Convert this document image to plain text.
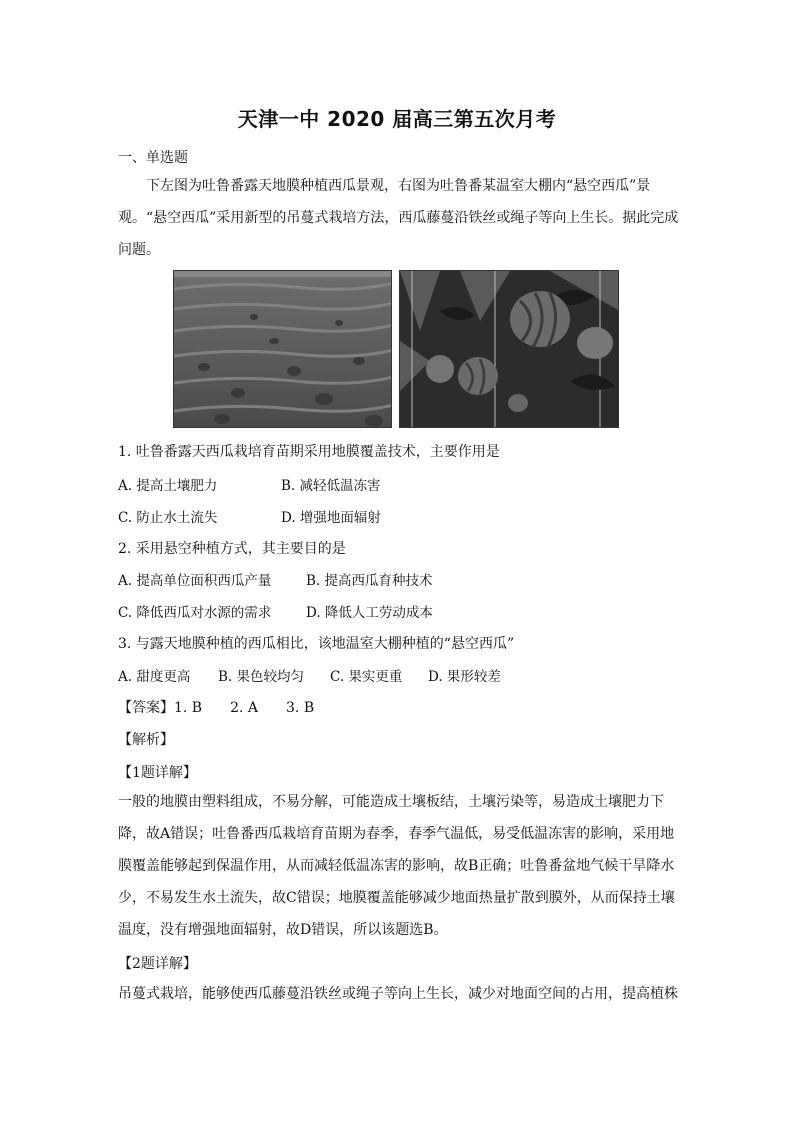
天津一中 2020 届高三第五次月考
一、单选题
下左图为吐鲁番露天地膜种植西瓜景观，右图为吐鲁番某温室大棚内“悬空西瓜”景观。“悬空西瓜”采用新型的吊蔓式栽培方法，西瓜藤蔓沿铁丝或绳子等向上生长。据此完成问题。
1. 吐鲁番露天西瓜栽培育苗期采用地膜覆盖技术，主要作用是
A. 提高土壤肥力	B. 减轻低温冻害
C. 防止水土流失	D. 增强地面辐射
2. 采用悬空种植方式，其主要目的是
A. 提高单位面积西瓜产量	B. 提高西瓜育种技术
C. 降低西瓜对水源的需求	D. 降低人工劳动成本
3. 与露天地膜种植的西瓜相比，该地温室大棚种植的“悬空西瓜”
A. 甜度更高 B. 果色较均匀 C. 果实更重 D. 果形较差
【答案】1. B　　2. A　　3. B
【解析】
【1题详解】
一般的地膜由塑料组成，不易分解，可能造成土壤板结，土壤污染等，易造成土壤肥力下降，故A错误；吐鲁番西瓜栽培育苗期为春季，春季气温低，易受低温冻害的影响，采用地膜覆盖能够起到保温作用，从而减轻低温冻害的影响，故B正确；吐鲁番盆地气候干旱降水少，不易发生水土流失，故C错误；地膜覆盖能够减少地面热量扩散到膜外，从而保持土壤温度，没有增强地面辐射，故D错误，所以该题选B。
【2题详解】
吊蔓式栽培，能够使西瓜藤蔓沿铁丝或绳子等向上生长，减少对地面空间的占用，提高植株
